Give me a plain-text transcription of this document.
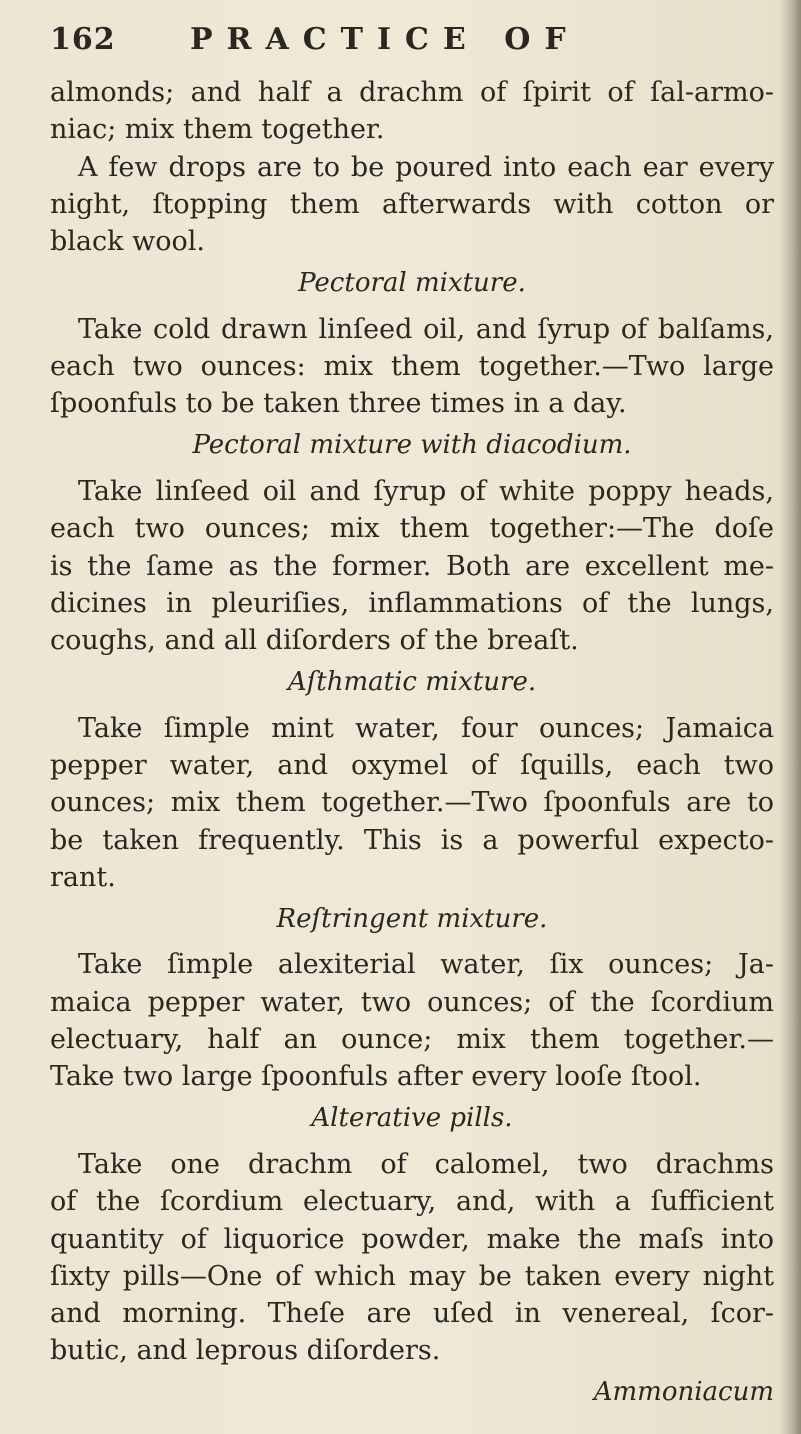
162 PRACTICE OF
almonds; and half a drachm of ſpirit of ſal-armo-
niac; mix them together.
A few drops are to be poured into each ear every
night, ſtopping them afterwards with cotton or
black wool.
Pectoral mixture.
Take cold drawn linſeed oil, and ſyrup of balſams,
each two ounces: mix them together.—Two large
ſpoonfuls to be taken three times in a day.
Pectoral mixture with diacodium.
Take linſeed oil and ſyrup of white poppy heads,
each two ounces; mix them together:—The doſe
is the ſame as the former. Both are excellent me-
dicines in pleuriſies, inflammations of the lungs,
coughs, and all diſorders of the breaſt.
Aſthmatic mixture.
Take ſimple mint water, four ounces; Jamaica
pepper water, and oxymel of ſquills, each two
ounces; mix them together.—Two ſpoonfuls are to
be taken frequently. This is a powerful expecto-
rant.
Reſtringent mixture.
Take ſimple alexiterial water, ſix ounces; Ja-
maica pepper water, two ounces; of the ſcordium
electuary, half an ounce; mix them together.—
Take two large ſpoonfuls after every looſe ſtool.
Alterative pills.
Take one drachm of calomel, two drachms
of the ſcordium electuary, and, with a ſufficient
quantity of liquorice powder, make the maſs into
ſixty pills—One of which may be taken every night
and morning. Theſe are uſed in venereal, ſcor-
butic, and leprous diſorders.
Ammoniacum
